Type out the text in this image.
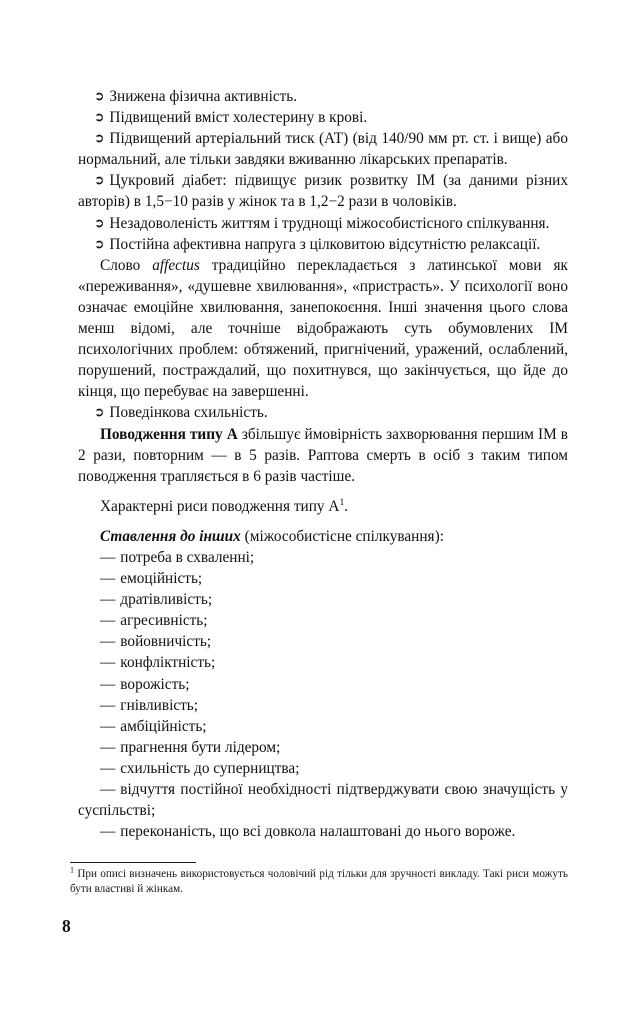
➲ Знижена фізична активність.

➲ Підвищений вміст холестерину в крові.

➲ Підвищений артеріальний тиск (АТ) (від 140/90 мм рт. ст. і вище) або нормальний, але тільки завдяки вживанню лікарських препаратів.

➲ Цукровий діабет: підвищує ризик розвитку ІМ (за даними різних авторів) в 1,5−10 разів у жінок та в 1,2−2 рази в чоловіків.

➲ Незадоволеність життям і труднощі міжособистісного спілкування.

➲ Постійна афективна напруга з цілковитою відсутністю релаксації.

Слово affectus традиційно перекладається з латинської мови як «переживання», «душевне хвилювання», «пристрасть». У психології воно означає емоційне хвилювання, занепокоєння. Інші значення цього слова менш відомі, але точніше відображають суть обумовлених ІМ психологічних проблем: обтяжений, пригнічений, уражений, ослаблений, порушений, постраждалий, що похитнувся, що закінчується, що йде до кінця, що перебуває на завершенні.

➲ Поведінкова схильність.

Поводження типу А збільшує ймовірність захворювання першим ІМ в 2 рази, повторним — в 5 разів. Раптова смерть в осіб з таким типом поводження трапляється в 6 разів частіше.

Характерні риси поводження типу $А^1$.

Ставлення до інших (міжособистісне спілкування):

— потреба в схваленні;

— емоційність;

— дратівливість;

— агресивність;

— войовничість;

— конфліктність;

— ворожість;

— гнівливість;

— амбіційність;

— прагнення бути лідером;

— схильність до суперництва;

— відчуття постійної необхідності підтверджувати свою значущість у суспільстві;

— переконаність, що всі довкола налаштовані до нього вороже.

$^1$ При описі визначень використовується чоловічий рід тільки для зручності викладу. Такі риси можуть бути властиві й жінкам.

8
